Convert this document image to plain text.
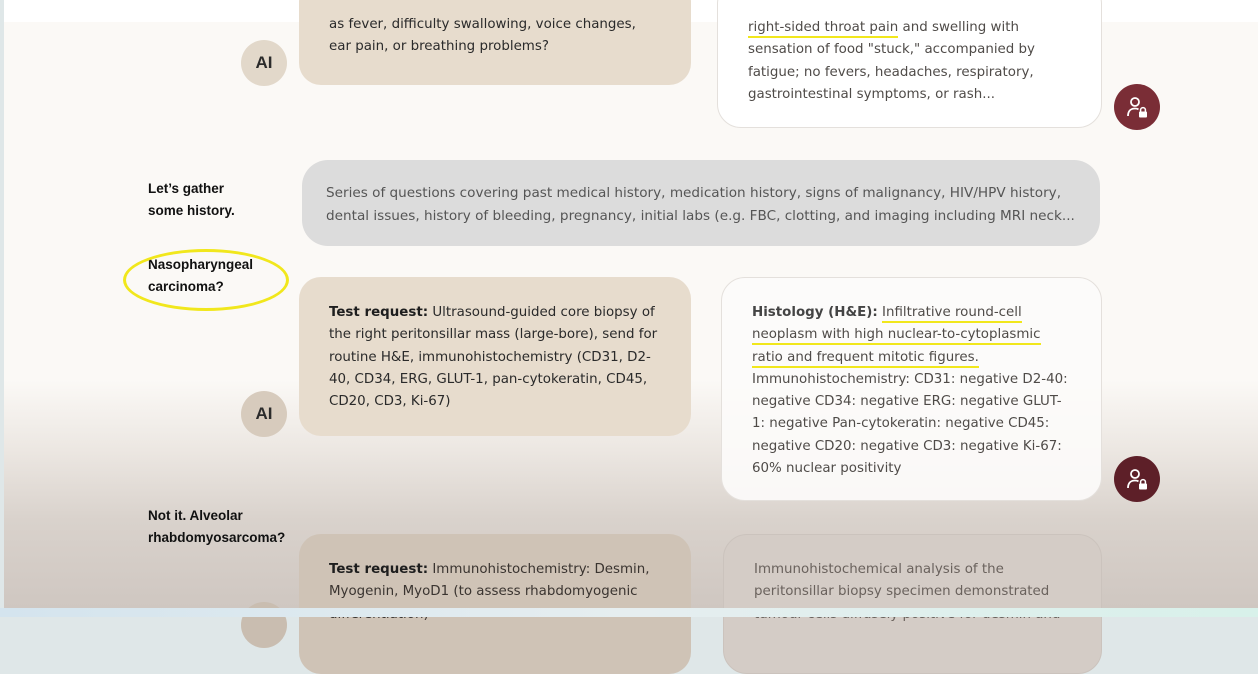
as fever, difficulty swallowing, voice changes, ear pain, or breathing problems?
AI
right-sided throat pain and swelling with sensation of food "stuck," accompanied by fatigue; no fevers, headaches, respiratory, gastrointestinal symptoms, or rash...
Let’s gather
some history.
Series of questions covering past medical history, medication history, signs of malignancy, HIV/HPV history, dental issues, history of bleeding, pregnancy, initial labs (e.g. FBC, clotting, and imaging including MRI neck...
Nasopharyngeal
carcinoma?
Test request: Ultrasound-guided core biopsy of the right peritonsillar mass (large-bore), send for routine H&E, immunohistochemistry (CD31, D2-40, CD34, ERG, GLUT-1, pan-cytokeratin, CD45, CD20, CD3, Ki-67)
AI
Histology (H&E): Infiltrative round-cell
neoplasm with high nuclear-to-cytoplasmic
ratio and frequent mitotic figures.
Immunohistochemistry: CD31: negative D2-40: negative CD34: negative ERG: negative GLUT-1: negative Pan-cytokeratin: negative CD45: negative CD20: negative CD3: negative Ki-67: 60% nuclear positivity
Not it. Alveolar
rhabdomyosarcoma?
Test request: Immunohistochemistry: Desmin, Myogenin, MyoD1 (to assess rhabdomyogenic
Immunohistochemical analysis of the peritonsillar biopsy specimen demonstrated
